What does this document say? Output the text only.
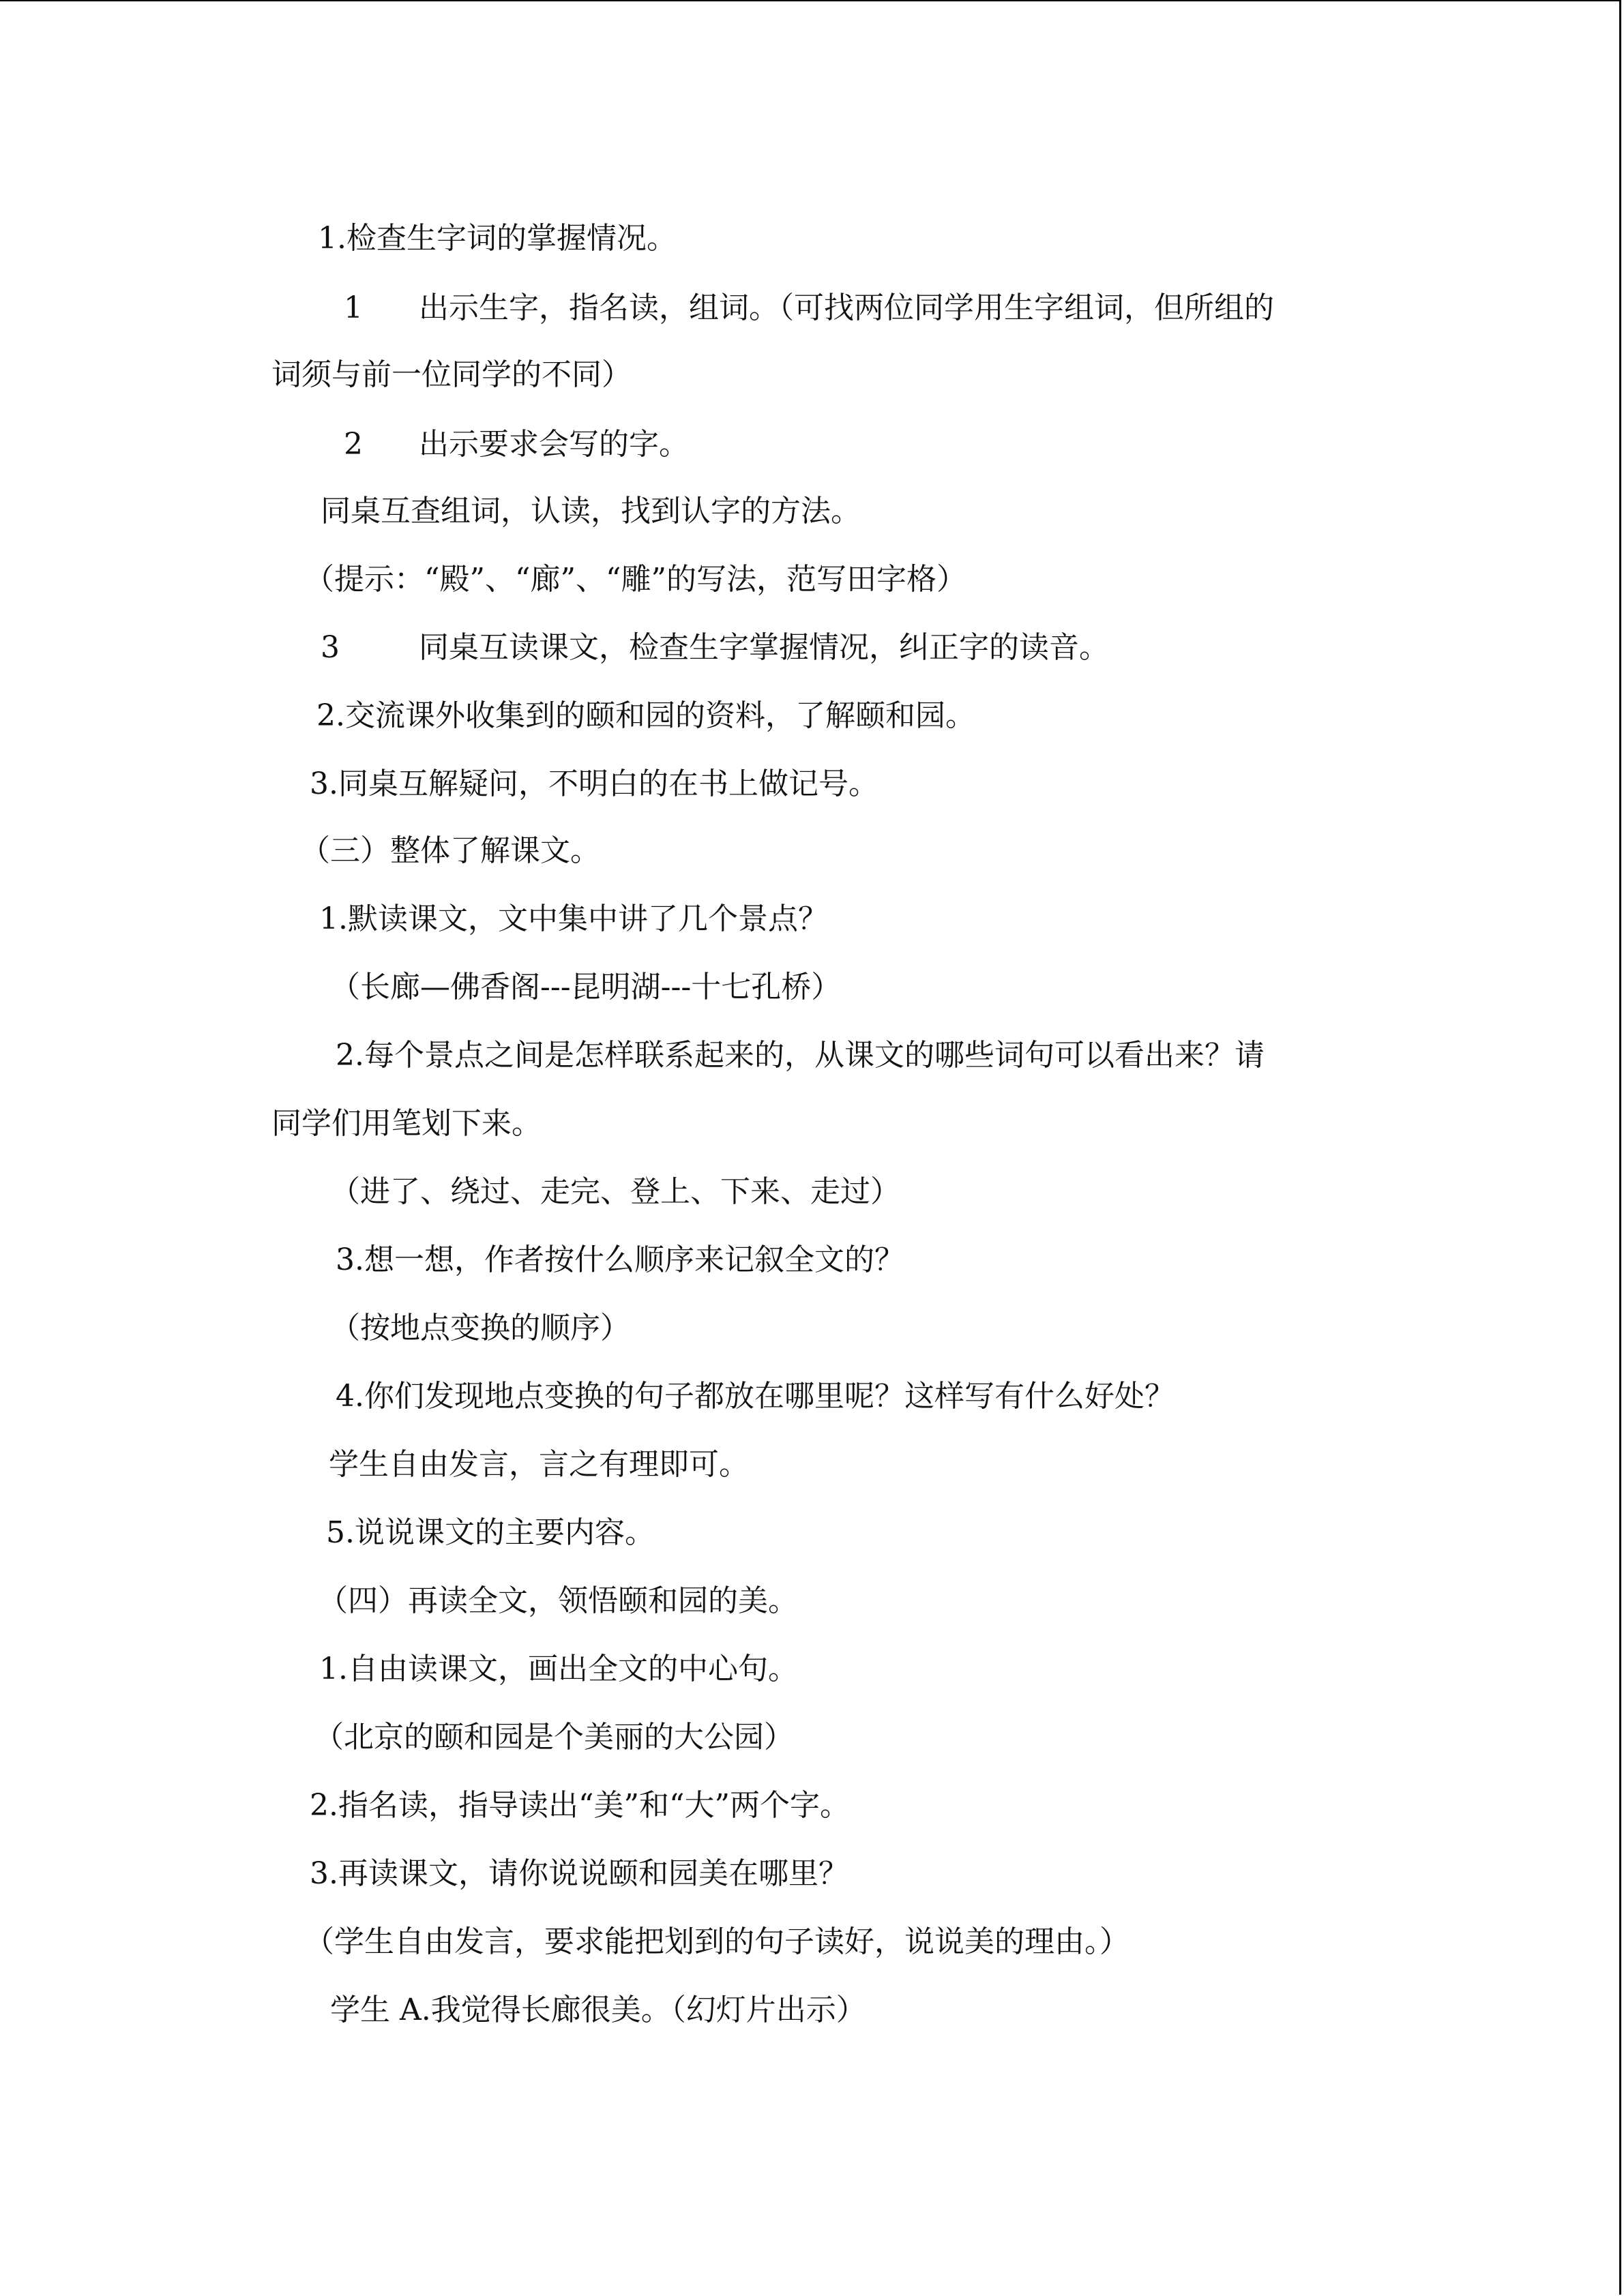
1.检查生字词的掌握情况。

1 出示生字，指名读，组词。（可找两位同学用生字组词，但所组的

词须与前一位同学的不同）

2 出示要求会写的字。

同桌互查组词，认读，找到认字的方法。

（提示：“殿”、“廊”、“雕”的写法，范写田字格）

3	同桌互读课文，检查生字掌握情况，纠正字的读音。

2.交流课外收集到的颐和园的资料，了解颐和园。

3.同桌互解疑问，不明白的在书上做记号。

（三）整体了解课文。

1.默读课文，文中集中讲了几个景点？

（长廊—佛香阁---昆明湖---十七孔桥）

2.每个景点之间是怎样联系起来的，从课文的哪些词句可以看出来？请

同学们用笔划下来。

（进了、绕过、走完、登上、下来、走过）

3.想一想，作者按什么顺序来记叙全文的？

（按地点变换的顺序）

4.你们发现地点变换的句子都放在哪里呢？这样写有什么好处？

学生自由发言，言之有理即可。

5.说说课文的主要内容。

（四）再读全文，领悟颐和园的美。

1.自由读课文，画出全文的中心句。

（北京的颐和园是个美丽的大公园）

2.指名读，指导读出“美”和“大”两个字。

3.再读课文，请你说说颐和园美在哪里？

（学生自由发言，要求能把划到的句子读好，说说美的理由。）

学生 A.我觉得长廊很美。（幻灯片出示）
